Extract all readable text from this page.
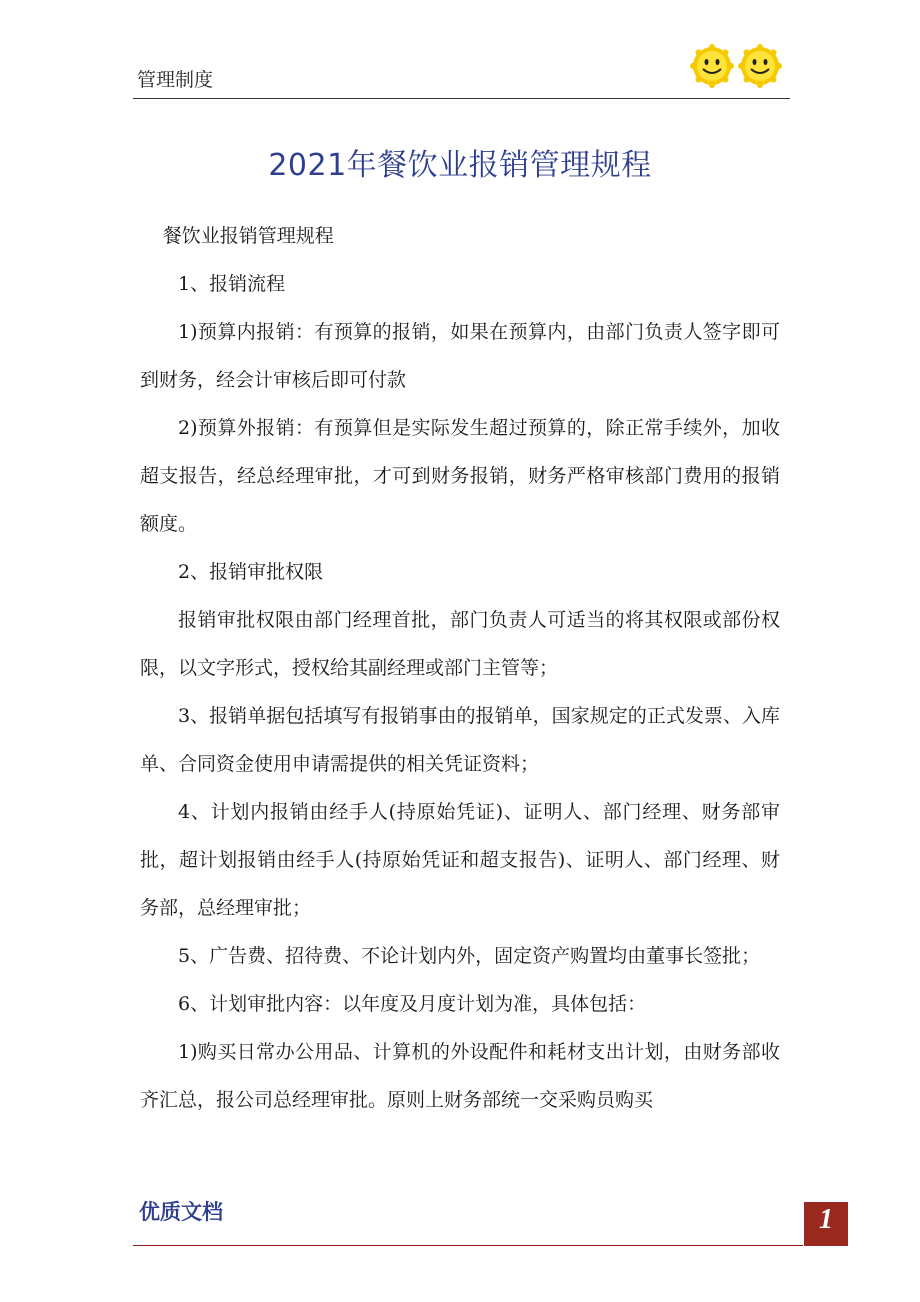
管理制度
2021年餐饮业报销管理规程

餐饮业报销管理规程

1、报销流程

1)预算内报销：有预算的报销，如果在预算内，由部门负责人签字即可到财务，经会计审核后即可付款

2)预算外报销：有预算但是实际发生超过预算的，除正常手续外，加收超支报告，经总经理审批，才可到财务报销，财务严格审核部门费用的报销额度。

2、报销审批权限

报销审批权限由部门经理首批，部门负责人可适当的将其权限或部份权限，以文字形式，授权给其副经理或部门主管等；

3、报销单据包括填写有报销事由的报销单，国家规定的正式发票、入库单、合同资金使用申请需提供的相关凭证资料；

4、计划内报销由经手人(持原始凭证)、证明人、部门经理、财务部审批，超计划报销由经手人(持原始凭证和超支报告)、证明人、部门经理、财务部，总经理审批；

5、广告费、招待费、不论计划内外，固定资产购置均由董事长签批；

6、计划审批内容：以年度及月度计划为准，具体包括：

1)购买日常办公用品、计算机的外设配件和耗材支出计划，由财务部收齐汇总，报公司总经理审批。原则上财务部统一交采购员购买

优质文档	1
